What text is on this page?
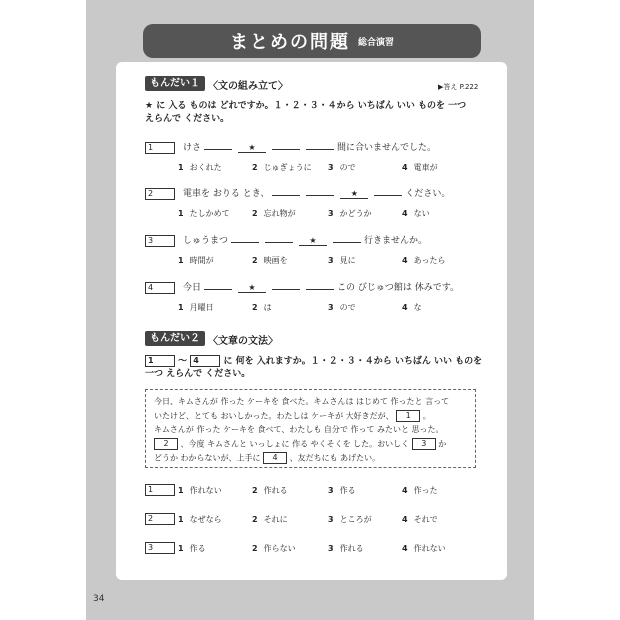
まとめの問題 総合演習
▶答え P.222
もんだい１ 〈文の組み立て〉
★ に 入る ものは どれですか。１・２・３・４から いちばん いい ものを 一つ
えらんで ください。
1	けさ	★	間に合いませんでした。
1 おくれた	2 じゅぎょうに 3 ので	4 電車が
2	電車を おりる とき、	★	ください。
1 たしかめて	2 忘れ物が	3 かどうか	4 ない
3	しゅうまつ	★	行きませんか。
1 時間が	2 映画を	3 見に	4 あったら
4	今日	★	この びじゅつ館は 休みです。
1 月曜日	2 は	3 ので	4 な
もんだい２ 〈文章の文法〉
1	〜 4	に 何を 入れますか。１・２・３・４から いちばん いい ものを
一つ えらんで ください。
今日、キムさんが 作った ケーキを 食べた。キムさんは はじめて 作ったと 言って
いたけど、とても おいしかった。わたしは ケーキが 大好きだが、 1 。
キムさんが 作った ケーキを 食べて、わたしも 自分で 作って みたいと 思った。
2 、今度 キムさんと いっしょに 作る やくそくを した。おいしく 3 か
どうか わからないが、上手に 4 、友だちにも あげたい。
1	1 作れない	2 作れる	3 作る	4 作った
2	1 なぜなら	2 それに	3 ところが	4 それで
3	1 作る	2 作らない	3 作れる	4 作れない
34
